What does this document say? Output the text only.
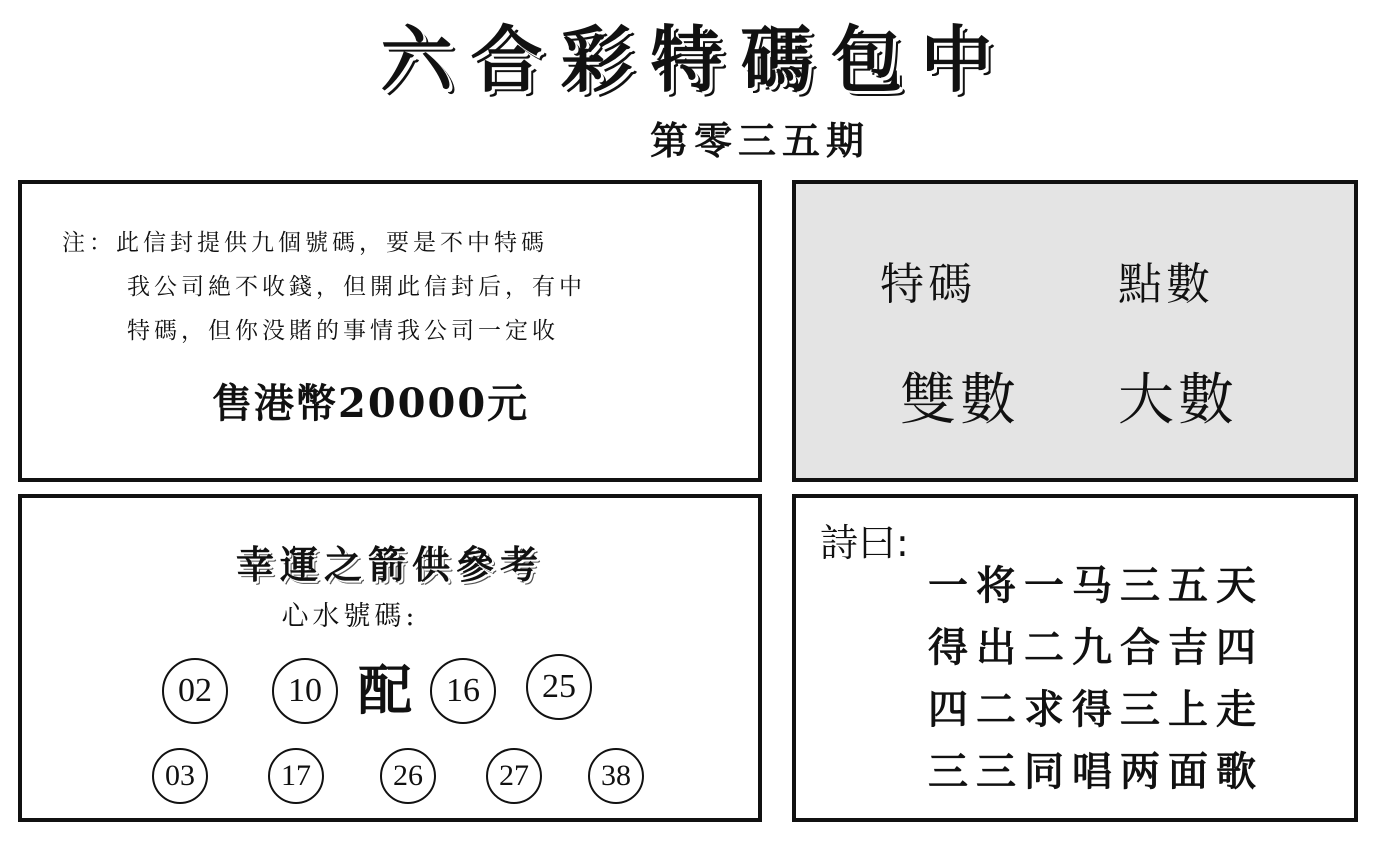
六合彩特碼包中
第零三五期
注：此信封提供九個號碼，要是不中特碼
我公司絶不收錢，但開此信封后，有中
特碼，但你没賭的事情我公司一定收
售港幣20000元
特碼	點數
雙數 大數
幸運之箭供參考
心水號碼:
配
02	10	16	25
03	17	26	27	38
詩曰:
一将一马三五天
得出二九合吉四
四二求得三上走
三三同唱两面歌
